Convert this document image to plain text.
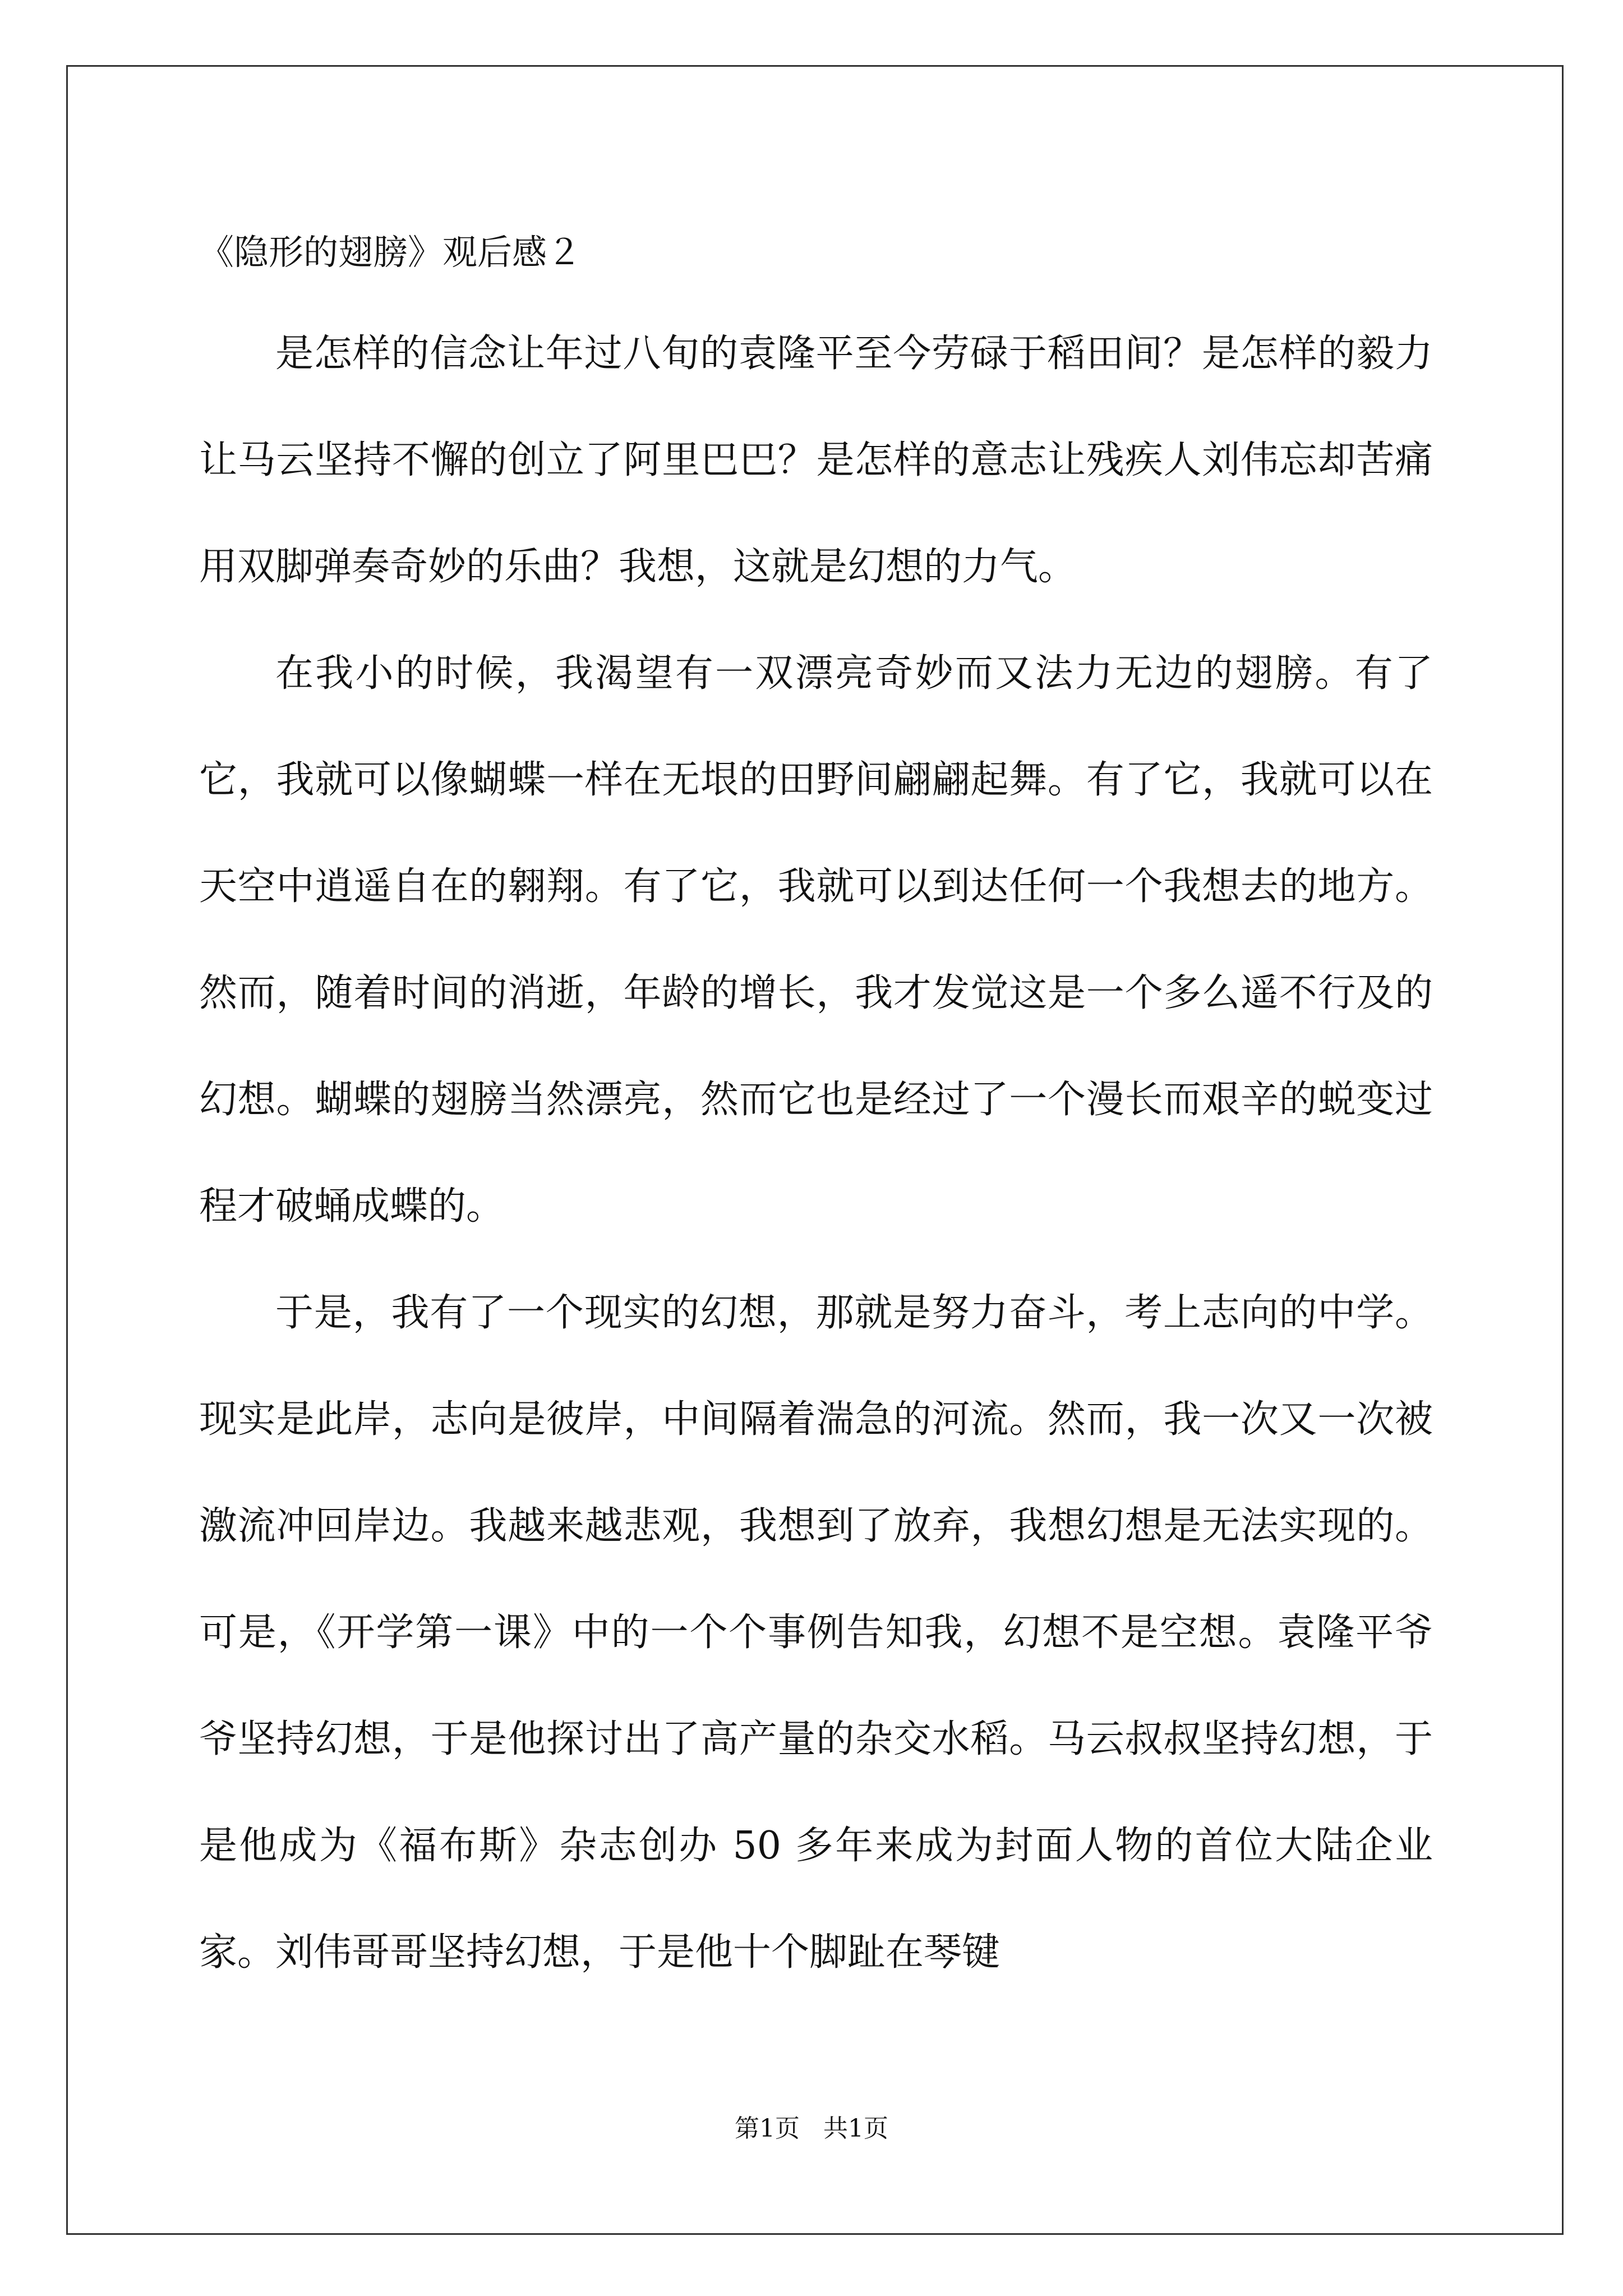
《隐形的翅膀》观后感２

是怎样的信念让年过八旬的袁隆平至今劳碌于稻田间？是怎样的毅力让马云坚持不懈的创立了阿里巴巴？是怎样的意志让残疾人刘伟忘却苦痛用双脚弹奏奇妙的乐曲？我想，这就是幻想的力气。

在我小的时候，我渴望有一双漂亮奇妙而又法力无边的翅膀。有了它，我就可以像蝴蝶一样在无垠的田野间翩翩起舞。有了它，我就可以在天空中逍遥自在的翱翔。有了它，我就可以到达任何一个我想去的地方。然而，随着时间的消逝，年龄的增长，我才发觉这是一个多么遥不行及的幻想。蝴蝶的翅膀当然漂亮，然而它也是经过了一个漫长而艰辛的蜕变过程才破蛹成蝶的。

于是，我有了一个现实的幻想，那就是努力奋斗，考上志向的中学。现实是此岸，志向是彼岸，中间隔着湍急的河流。然而，我一次又一次被激流冲回岸边。我越来越悲观，我想到了放弃，我想幻想是无法实现的。可是，《开学第一课》中的一个个事例告知我，幻想不是空想。袁隆平爷爷坚持幻想，于是他探讨出了高产量的杂交水稻。马云叔叔坚持幻想，于是他成为《福布斯》杂志创办 50 多年来成为封面人物的首位大陆企业家。刘伟哥哥坚持幻想，于是他十个脚趾在琴键

第1页   共1页
